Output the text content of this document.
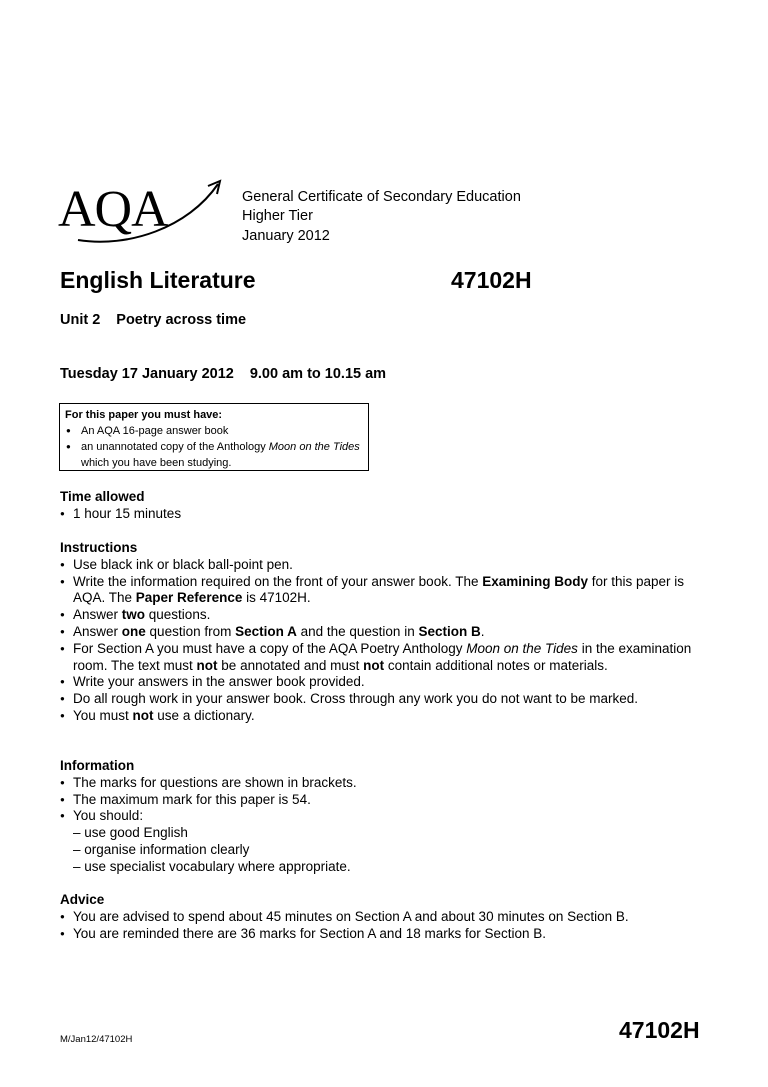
AQA	General Certificate of Secondary Education
Higher Tier
January 2012
English Literature	47102H
Unit 2 Poetry across time
Tuesday 17 January 2012 9.00 am to 10.15 am
For this paper you must have:
● An AQA 16-page answer book
● an unannotated copy of the Anthology Moon on the Tides which you have been studying.
Time allowed
● 1 hour 15 minutes
Instructions
● Use black ink or black ball-point pen.
● Write the information required on the front of your answer book. The Examining Body for this paper is AQA. The Paper Reference is 47102H.
● Answer two questions.
● Answer one question from Section A and the question in Section B.
● For Section A you must have a copy of the AQA Poetry Anthology Moon on the Tides in the examination room. The text must not be annotated and must not contain additional notes or materials.
● Write your answers in the answer book provided.
● Do all rough work in your answer book. Cross through any work you do not want to be marked.
● You must not use a dictionary.
Information
● The marks for questions are shown in brackets.
● The maximum mark for this paper is 54.
● You should:
– use good English
– organise information clearly
– use specialist vocabulary where appropriate.
Advice
● You are advised to spend about 45 minutes on Section A and about 30 minutes on Section B.
● You are reminded there are 36 marks for Section A and 18 marks for Section B.
M/Jan12/47102H	47102H
